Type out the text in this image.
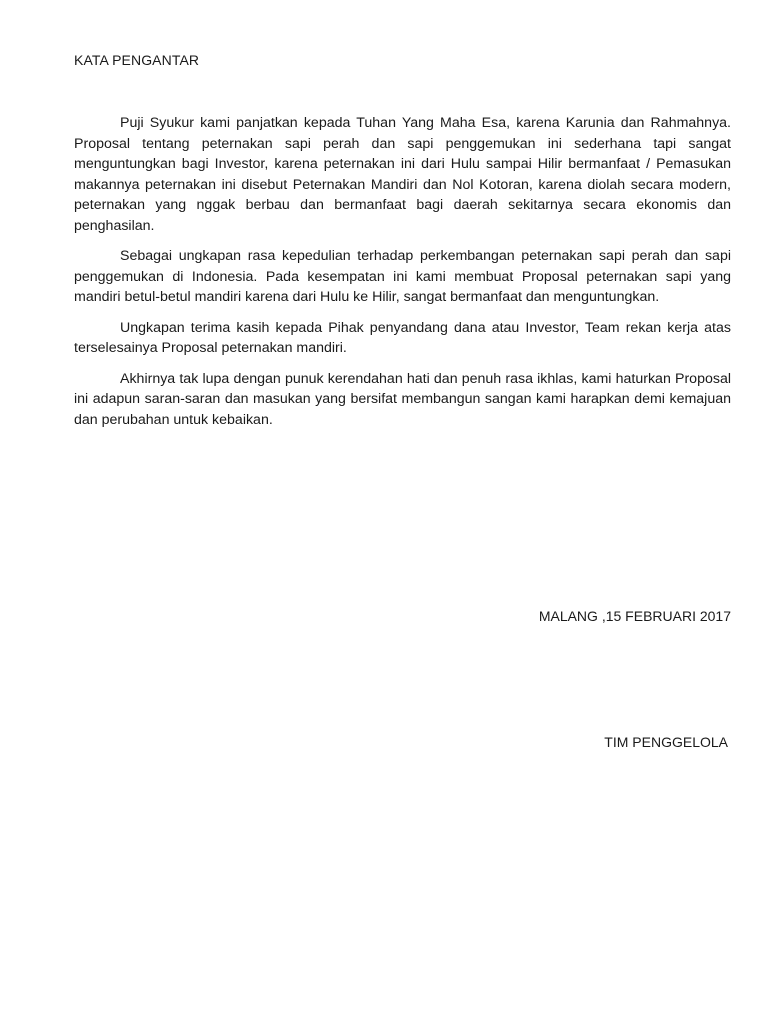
KATA PENGANTAR

Puji Syukur kami panjatkan kepada Tuhan Yang Maha Esa, karena Karunia dan Rahmahnya. Proposal tentang peternakan sapi perah dan sapi penggemukan ini sederhana tapi sangat menguntungkan bagi Investor, karena peternakan ini dari Hulu sampai Hilir bermanfaat / Pemasukan makannya peternakan ini disebut Peternakan Mandiri dan Nol Kotoran, karena diolah secara modern, peternakan yang nggak berbau dan bermanfaat bagi daerah sekitarnya secara ekonomis dan penghasilan.

Sebagai ungkapan rasa kepedulian terhadap perkembangan peternakan sapi perah dan sapi penggemukan di Indonesia. Pada kesempatan ini kami membuat Proposal peternakan sapi yang mandiri betul-betul mandiri karena dari Hulu ke Hilir, sangat bermanfaat dan menguntungkan.

Ungkapan terima kasih kepada Pihak penyandang dana atau Investor, Team rekan kerja atas terselesainya Proposal peternakan mandiri.

Akhirnya tak lupa dengan punuk kerendahan hati dan penuh rasa ikhlas, kami haturkan Proposal ini adapun saran-saran dan masukan yang bersifat membangun sangan kami harapkan demi kemajuan dan perubahan untuk kebaikan.

MALANG ,15 FEBRUARI 2017
TIM PENGGELOLA
